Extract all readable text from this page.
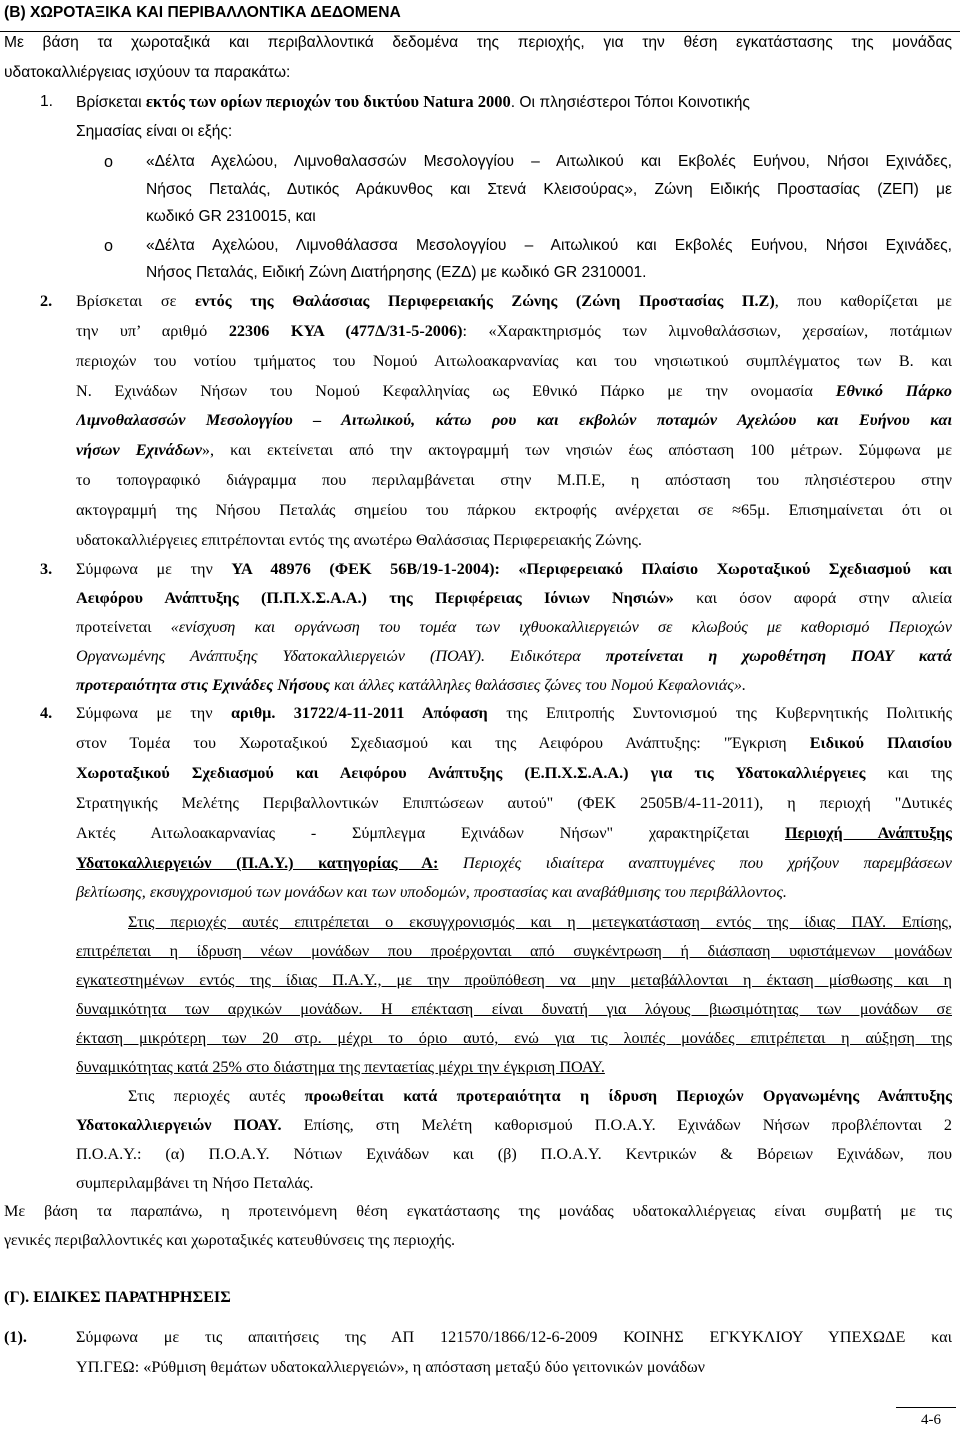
(Β) ΧΩΡΟΤΑΞΙΚΑ ΚΑΙ ΠΕΡΙΒΑΛΛΟΝΤΙΚΑ ΔΕΔΟΜΕΝΑ
Με βάση τα χωροταξικά και περιβαλλοντικά δεδομένα της περιοχής, για την θέση εγκατάστασης της μονάδας
υδατοκαλλιέργειας ισχύουν τα παρακάτω:
1. Βρίσκεται εκτός των ορίων περιοχών του δικτύου Natura 2000. Οι πλησιέστεροι Τόποι Κοινοτικής
Σημασίας είναι οι εξής:
o «Δέλτα Αχελώου, Λιμνοθαλασσών Μεσολογγίου – Αιτωλικού και Εκβολές Ευήνου, Νήσοι Εχινάδες,
Νήσος Πεταλάς, Δυτικός Αράκυνθος και Στενά Κλεισούρας», Ζώνη Ειδικής Προστασίας (ΖΕΠ) με
κωδικό GR 2310015, και
o «Δέλτα Αχελώου, Λιμνοθάλασσα Μεσολογγίου – Αιτωλικού και Εκβολές Ευήνου, Νήσοι Εχινάδες,
Νήσος Πεταλάς, Ειδική Ζώνη Διατήρησης (ΕΖΔ) με κωδικό GR 2310001.
2. Βρίσκεται σε εντός της Θαλάσσιας Περιφερειακής Ζώνης (Ζώνη Προστασίας Π.Ζ), που καθορίζεται με
την υπ’ αριθμό 22306 ΚΥΑ (477Δ/31-5-2006): «Χαρακτηρισμός των λιμνοθαλάσσιων, χερσαίων, ποτάμιων
περιοχών του νοτίου τμήματος του Νομού Αιτωλοακαρνανίας και του νησιωτικού συμπλέγματος των Β. και
Ν. Εχινάδων Νήσων του Νομού Κεφαλληνίας ως Εθνικό Πάρκο με την ονομασία Εθνικό Πάρκο
Λιμνοθαλασσών Μεσολογγίου – Αιτωλικού, κάτω ρου και εκβολών ποταμών Αχελώου και Ευήνου και
νήσων Εχινάδων», και εκτείνεται από την ακτογραμμή των νησιών έως απόσταση 100 μέτρων. Σύμφωνα με
το τοπογραφικό διάγραμμα που περιλαμβάνεται στην Μ.Π.Ε, η απόσταση του πλησιέστερου στην
ακτογραμμή της Νήσου Πεταλάς σημείου του πάρκου εκτροφής ανέρχεται σε ≈65μ. Επισημαίνεται ότι οι
υδατοκαλλιέργειες επιτρέπονται εντός της ανωτέρω Θαλάσσιας Περιφερειακής Ζώνης.
3. Σύμφωνα με την ΥΑ 48976 (ΦΕΚ 56Β/19-1-2004): «Περιφερειακό Πλαίσιο Χωροταξικού Σχεδιασμού και
Αειφόρου Ανάπτυξης (Π.Π.Χ.Σ.Α.Α.) της Περιφέρειας Ιόνιων Νησιών» και όσον αφορά στην αλιεία
προτείνεται «ενίσχυση και οργάνωση του τομέα των ιχθυοκαλλιεργειών σε κλωβούς με καθορισμό Περιοχών
Οργανωμένης Ανάπτυξης Υδατοκαλλιεργειών (ΠΟΑΥ). Ειδικότερα προτείνεται η χωροθέτηση ΠΟΑΥ κατά
προτεραιότητα στις Εχινάδες Νήσους και άλλες κατάλληλες θαλάσσιες ζώνες του Νομού Κεφαλονιάς».
4. Σύμφωνα με την αριθμ. 31722/4-11-2011 Απόφαση της Επιτροπής Συντονισμού της Κυβερνητικής Πολιτικής
στον Τομέα του Χωροταξικού Σχεδιασμού και της Αειφόρου Ανάπτυξης: "Έγκριση Ειδικού Πλαισίου
Χωροταξικού Σχεδιασμού και Αειφόρου Ανάπτυξης (Ε.Π.Χ.Σ.Α.Α.) για τις Υδατοκαλλιέργειες και της
Στρατηγικής Μελέτης Περιβαλλοντικών Επιπτώσεων αυτού" (ΦΕΚ 2505Β/4-11-2011), η περιοχή "Δυτικές
Ακτές Αιτωλοακαρνανίας - Σύμπλεγμα Εχινάδων Νήσων" χαρακτηρίζεται Περιοχή Ανάπτυξης
Υδατοκαλλιεργειών (Π.Α.Υ.) κατηγορίας Α: Περιοχές ιδιαίτερα αναπτυγμένες που χρήζουν παρεμβάσεων
βελτίωσης, εκσυγχρονισμού των μονάδων και των υποδομών, προστασίας και αναβάθμισης του περιβάλλοντος.
Στις περιοχές αυτές επιτρέπεται ο εκσυγχρονισμός και η μετεγκατάσταση εντός της ίδιας ΠΑΥ. Επίσης,
επιτρέπεται η ίδρυση νέων μονάδων που προέρχονται από συγκέντρωση ή διάσπαση υφιστάμενων μονάδων
εγκατεστημένων εντός της ίδιας Π.Α.Υ., με την προϋπόθεση να μην μεταβάλλονται η έκταση μίσθωσης και η
δυναμικότητα των αρχικών μονάδων. Η επέκταση είναι δυνατή για λόγους βιωσιμότητας των μονάδων σε
έκταση μικρότερη των 20 στρ. μέχρι το όριο αυτό, ενώ για τις λοιπές μονάδες επιτρέπεται η αύξηση της
δυναμικότητας κατά 25% στο διάστημα της πενταετίας μέχρι την έγκριση ΠΟΑΥ.
Στις περιοχές αυτές προωθείται κατά προτεραιότητα η ίδρυση Περιοχών Οργανωμένης Ανάπτυξης
Υδατοκαλλιεργειών ΠΟΑΥ. Επίσης, στη Μελέτη καθορισμού Π.Ο.Α.Υ. Εχινάδων Νήσων προβλέπονται 2
Π.Ο.Α.Υ.: (α) Π.Ο.Α.Υ. Νότιων Εχινάδων και (β) Π.Ο.Α.Υ. Κεντρικών & Βόρειων Εχινάδων, που
συμπεριλαμβάνει τη Νήσο Πεταλάς.
Με βάση τα παραπάνω, η προτεινόμενη θέση εγκατάστασης της μονάδας υδατοκαλλιέργειας είναι συμβατή με τις
γενικές περιβαλλοντικές και χωροταξικές κατευθύνσεις της περιοχής.
(Γ). ΕΙΔΙΚΕΣ ΠΑΡΑΤΗΡΗΣΕΙΣ
(1).	Σύμφωνα με τις απαιτήσεις της ΑΠ 121570/1866/12-6-2009 ΚΟΙΝΗΣ ΕΓΚΥΚΛΙΟΥ ΥΠΕΧΩΔΕ και
ΥΠ.ΓΕΩ: «Ρύθμιση θεμάτων υδατοκαλλιεργειών», η απόσταση μεταξύ δύο γειτονικών μονάδων
4-6
